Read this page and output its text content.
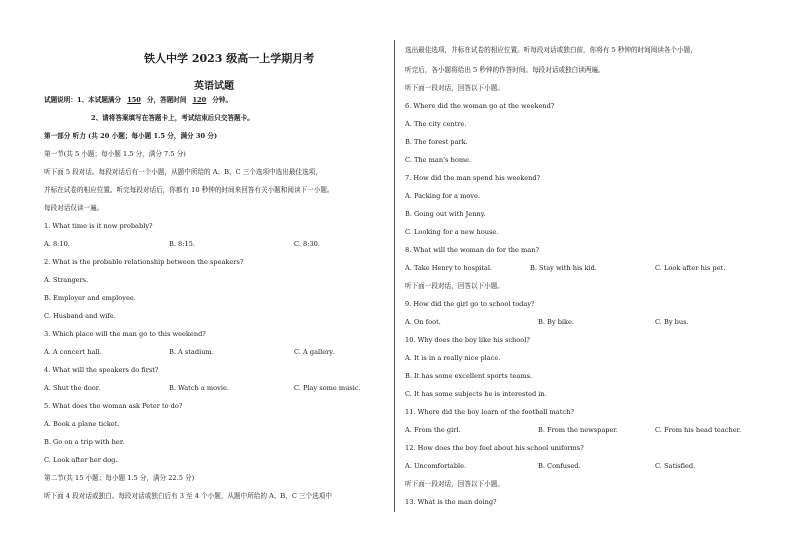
铁人中学 2023 级高一上学期月考
英语试题
试题说明：1、本试题满分 150 分，答题时间 120 分钟。
2、请将答案填写在答题卡上，考试结束后只交答题卡。
第一部分 听力 (共 20 小题；每小题 1.5 分，满分 30 分)
第一节(共 5 小题；每小题 1.5 分，满分 7.5 分)
听下面 5 段对话。每段对话后有一个小题，从题中所给的 A、B、C 三个选项中选出最佳选项，
并标在试卷的相应位置。听完每段对话后，你都有 10 秒钟的时间来回答有关小题和阅读下一小题。
每段对话仅读一遍。
1. What time is it now probably?
A. 8:10.	B. 8:15.	C. 8:30.
2. What is the probable relationship between the speakers?
A. Strangers.
B. Employer and employee.
C. Husband and wife.
3. Which place will the man go to this weekend?
A. A concert hall.	B. A stadium.	C. A gallery.
4. What will the speakers do first?
A. Shut the door.	B. Watch a movie.	C. Play some music.
5. What does the woman ask Peter to do?
A. Book a plane ticket.
B. Go on a trip with her.
C. Look after her dog.
第二节(共 15 小题；每小题 1.5 分，满分 22.5 分)
听下面 4 段对话或独白。每段对话或独白后有 3 至 4 个小题，从题中所给的 A、B、C 三个选项中
选出最佳选项，并标在试卷的相应位置。听每段对话或独白前，你将有 5 秒钟的时间阅读各个小题，
听完后，各小题将给出 5 秒钟的作答时间。每段对话或独白读两遍。
听下面一段对话，回答以下小题。
6. Where did the woman go at the weekend?
A. The city centre.
B. The forest park.
C. The man’s home.
7. How did the man spend his weekend?
A. Packing for a move.
B. Going out with Jenny.
C. Looking for a new house.
8. What will the woman do for the man?
A. Take Henry to hospital.	B. Stay with his kid.	C. Look after his pet.
听下面一段对话，回答以下小题。
9. How did the girl go to school today?
A. On foot.	B. By bike.	C. By bus.
10. Why does the boy like his school?
A. It is in a really nice place.
B. It has some excellent sports teams.
C. It has some subjects he is interested in.
11. Where did the boy learn of the football match?
A. From the girl.	B. From the newspaper.	C. From his head teacher.
12. How does the boy feel about his school uniforms?
A. Uncomfortable.	B. Confused.	C. Satisfied.
听下面一段对话，回答以下小题。
13. What is the man doing?
